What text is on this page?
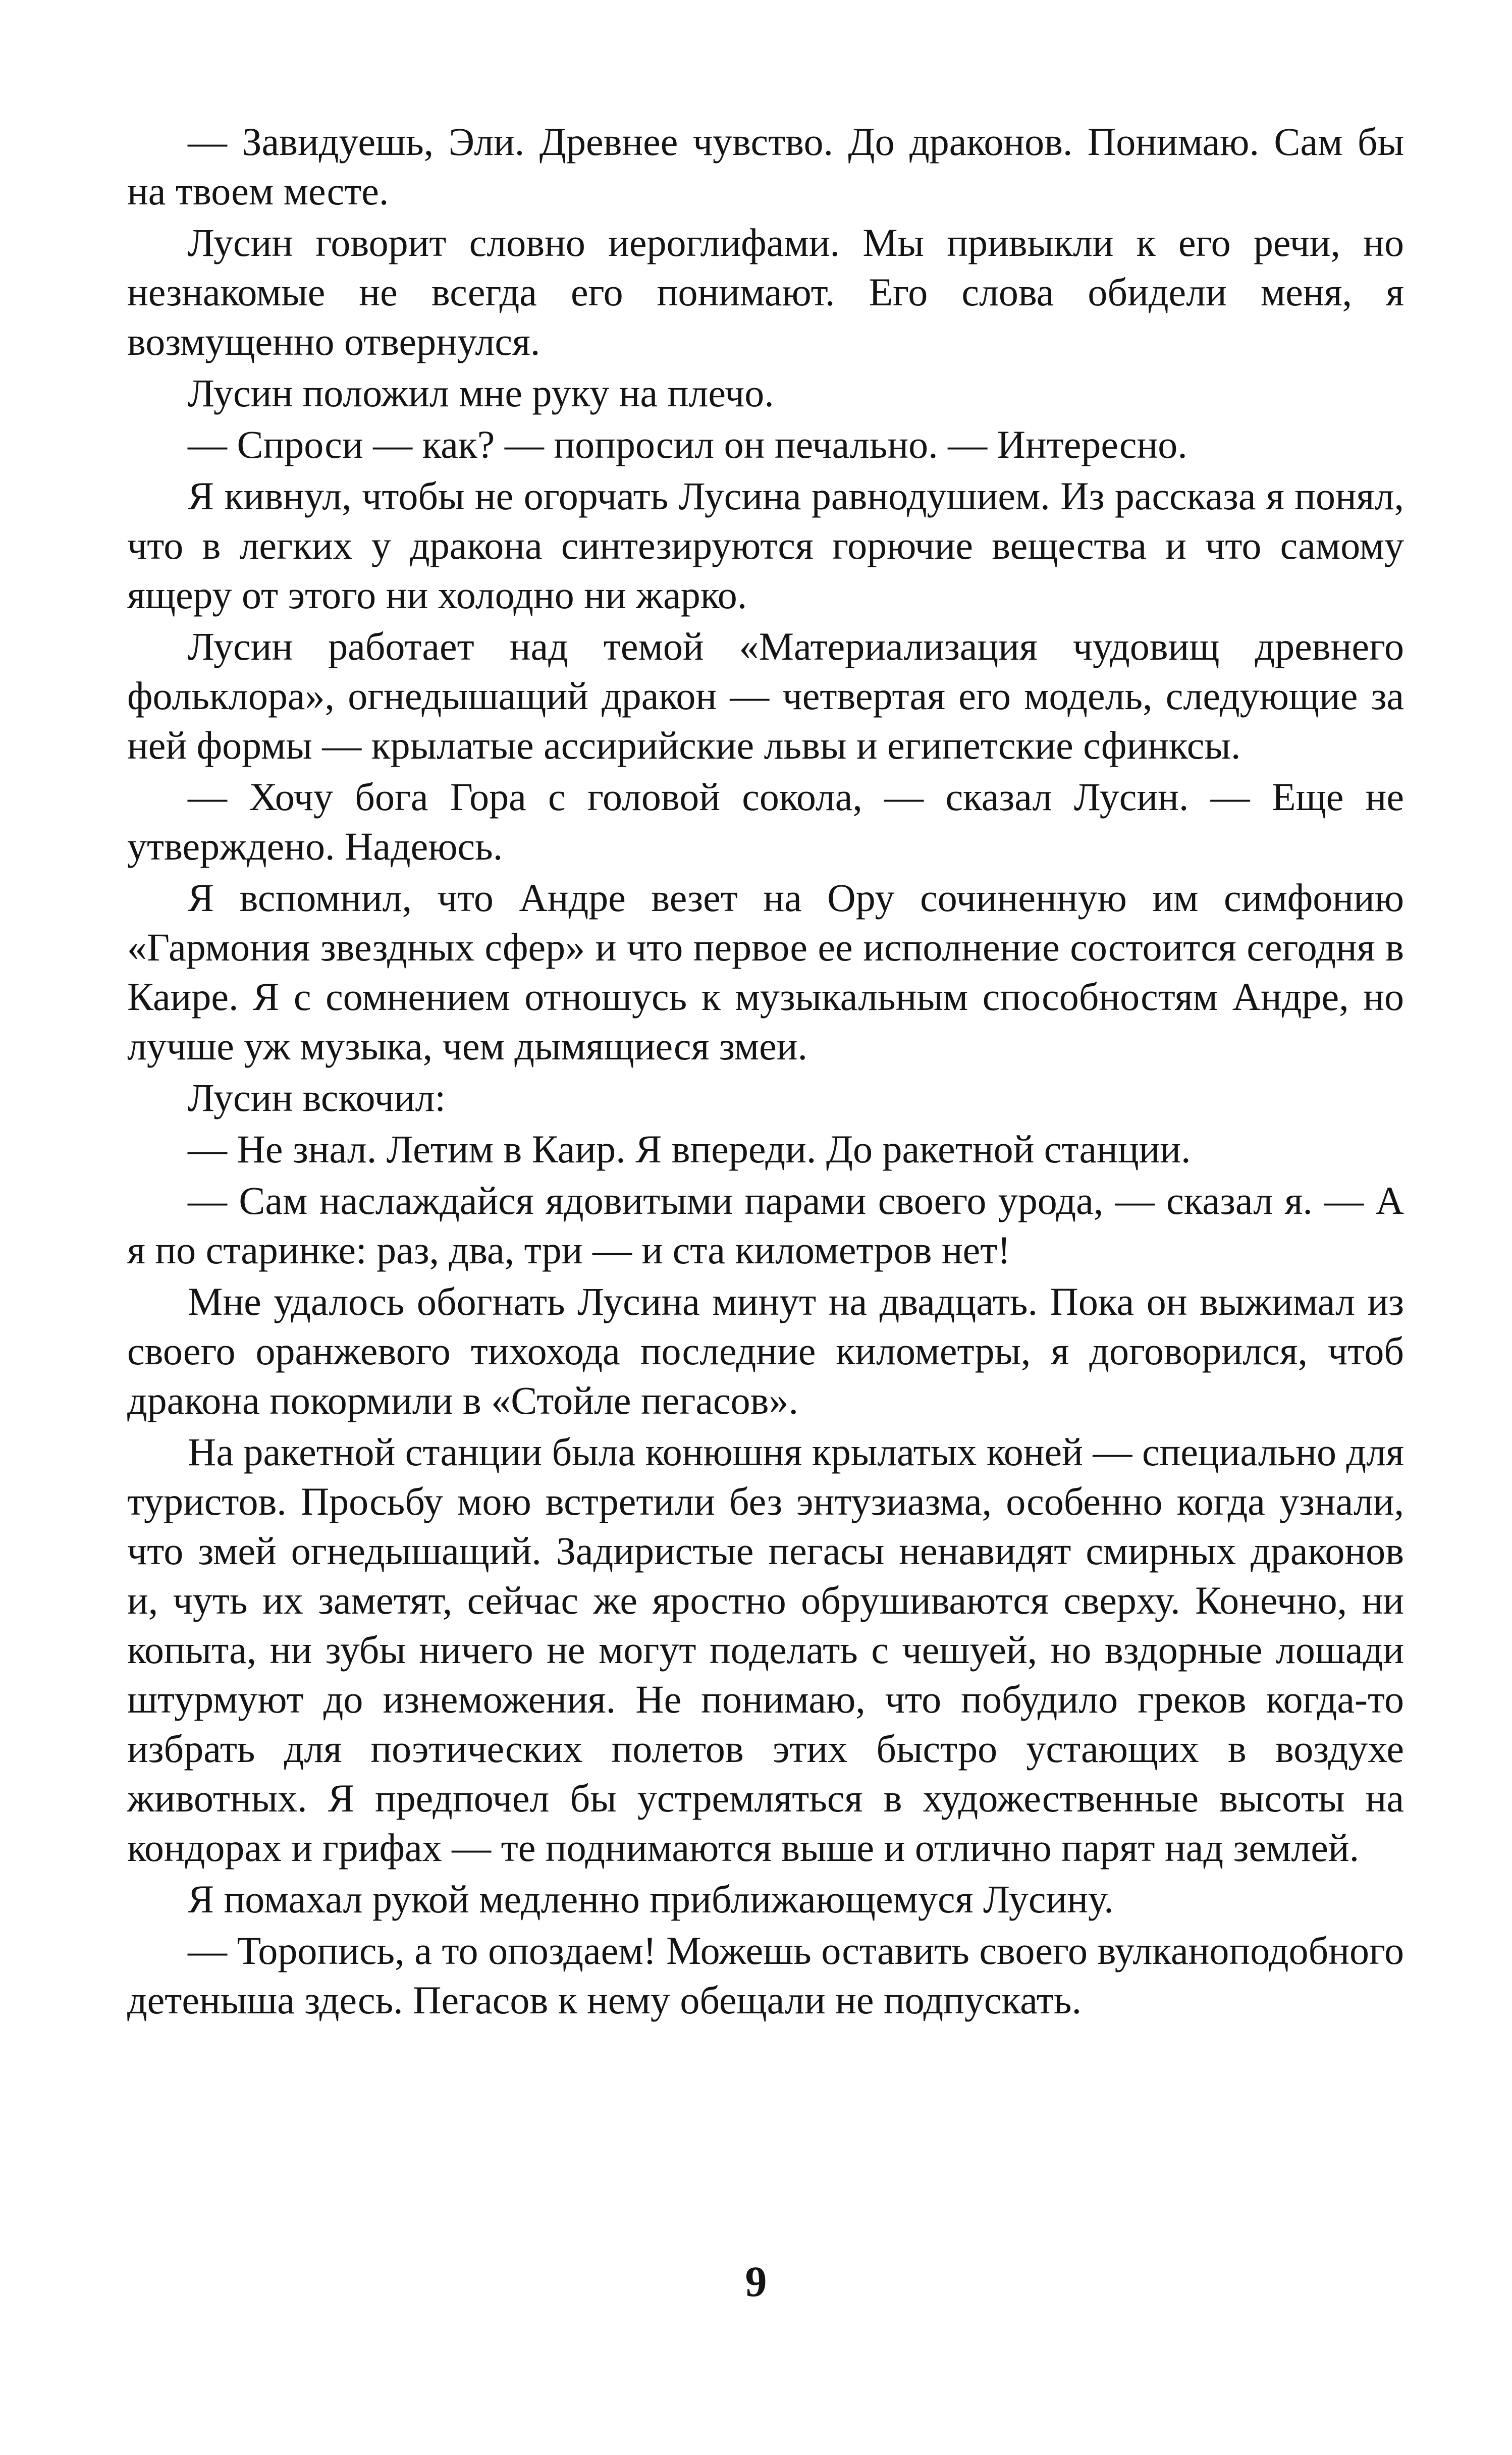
— Завидуешь, Эли. Древнее чувство. До драконов. Понимаю. Сам бы на твоем месте.

Лусин говорит словно иероглифами. Мы привыкли к его речи, но незнакомые не всегда его понимают. Его слова обидели меня, я возмущенно отвернулся.

Лусин положил мне руку на плечо.

— Спроси — как? — попросил он печально. — Интересно.

Я кивнул, чтобы не огорчать Лусина равнодушием. Из рассказа я понял, что в легких у дракона синтезируются горючие вещества и что самому ящеру от этого ни холодно ни жарко.

Лусин работает над темой «Материализация чудовищ древнего фольклора», огнедышащий дракон — четвертая его модель, следующие за ней формы — крылатые ассирийские львы и египетские сфинксы.

— Хочу бога Гора с головой сокола, — сказал Лусин. — Еще не утверждено. Надеюсь.

Я вспомнил, что Андре везет на Ору сочиненную им симфонию «Гармония звездных сфер» и что первое ее исполнение состоится сегодня в Каире. Я с сомнением отношусь к музыкальным способностям Андре, но лучше уж музыка, чем дымящиеся змеи.

Лусин вскочил:

— Не знал. Летим в Каир. Я впереди. До ракетной станции.

— Сам наслаждайся ядовитыми парами своего урода, — сказал я. — А я по старинке: раз, два, три — и ста километров нет!

Мне удалось обогнать Лусина минут на двадцать. Пока он выжимал из своего оранжевого тихохода последние километры, я договорился, чтоб дракона покормили в «Стойле пегасов».

На ракетной станции была конюшня крылатых коней — специально для туристов. Просьбу мою встретили без энтузиазма, особенно когда узнали, что змей огнедышащий. Задиристые пегасы ненавидят смирных драконов и, чуть их заметят, сейчас же яростно обрушиваются сверху. Конечно, ни копыта, ни зубы ничего не могут поделать с чешуей, но вздорные лошади штурмуют до изнеможения. Не понимаю, что побудило греков когда-то избрать для поэтических полетов этих быстро устающих в воздухе животных. Я предпочел бы устремляться в художественные высоты на кондорах и грифах — те поднимаются выше и отлично парят над землей.

Я помахал рукой медленно приближающемуся Лусину.

— Торопись, а то опоздаем! Можешь оставить своего вулканоподобного детеныша здесь. Пегасов к нему обещали не подпускать.

9
